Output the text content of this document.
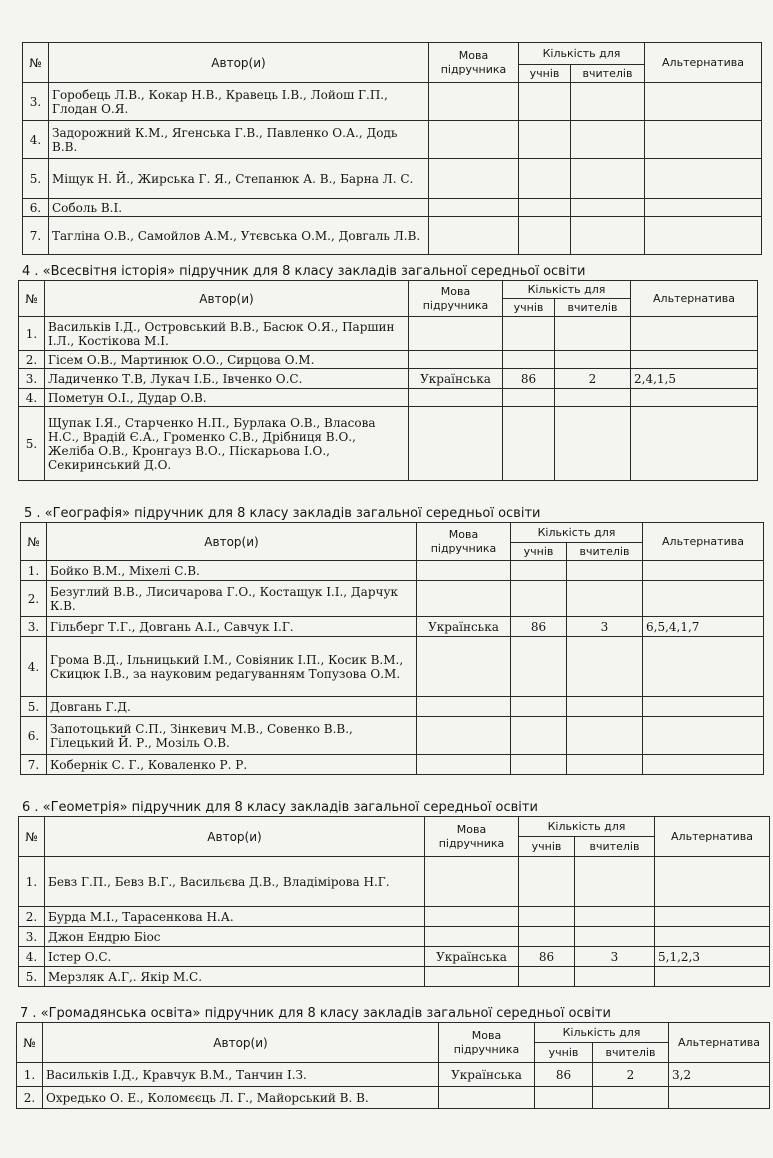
№	Автор(и)	Мова підручника	Кількість для		Альтернатива
			учнів	вчителів	
3.	Горобець Л.В., Кокар Н.В., Кравець І.В., Лойош Г.П., Глодан О.Я.				
4.	Задорожний К.М., Ягенська Г.В., Павленко О.А., Додь В.В.				
5.	Міщук Н. Й., Жирська Г. Я., Степанюк А. В., Барна Л. С.				
6.	Соболь В.І.				
7.	Тагліна О.В., Самойлов А.М., Утєвська О.М., Довгаль Л.В.				
4 . «Всесвітня історія» підручник для 8 класу закладів загальної середньої освіти
№	Автор(и)	Мова підручника	Кількість для		Альтернатива
			учнів	вчителів	
1.	Васильків І.Д., Островський В.В., Басюк О.Я., Паршин І.Л., Костікова М.І.				
2.	Гісем О.В., Мартинюк О.О., Сирцова О.М.				
3.	Ладиченко Т.В, Лукач І.Б., Івченко О.С.	Українська	86	2	2,4,1,5
4.	Пометун О.І., Дудар О.В.				
5.	Щупак І.Я., Старченко Н.П., Бурлака О.В., Власова Н.С., Врадій Є.А., Громенко С.В., Дрібниця В.О., Желіба О.В., Кронгауз В.О., Піскарьова І.О., Секиринський Д.О.				
5 . «Географія» підручник для 8 класу закладів загальної середньої освіти
№	Автор(и)	Мова підручника	Кількість для		Альтернатива
			учнів	вчителів	
1.	Бойко В.М., Міхелі С.В.				
2.	Безуглий В.В., Лисичарова Г.О., Костащук І.І., Дарчук К.В.				
3.	Гільберг Т.Г., Довгань А.І., Савчук І.Г.	Українська	86	3	6,5,4,1,7
4.	Грома В.Д., Ільницький І.М., Совіяник І.П., Косик В.М., Скицюк І.В., за науковим редагуванням Топузова О.М.				
5.	Довгань Г.Д.				
6.	Запотоцький С.П., Зінкевич М.В., Совенко В.В., Гілецький Й. Р., Мозіль О.В.				
7.	Кобернік С. Г., Коваленко Р. Р.				
6 . «Геометрія» підручник для 8 класу закладів загальної середньої освіти
№	Автор(и)	Мова підручника	Кількість для		Альтернатива
			учнів	вчителів	
1.	Бевз Г.П., Бевз В.Г., Васильєва Д.В., Владімірова Н.Г.				
2.	Бурда М.І., Тарасенкова Н.А.				
3.	Джон Ендрю Біос				
4.	Істер О.С.	Українська	86	3	5,1,2,3
5.	Мерзляк А.Г,. Якір М.С.				
7 . «Громадянська освіта» підручник для 8 класу закладів загальної середньої освіти
№	Автор(и)	Мова підручника	Кількість для		Альтернатива
			учнів	вчителів	
1.	Васильків І.Д., Кравчук В.М., Танчин І.З.	Українська	86	2	3,2
2.	Охредько О. Е., Коломєєць Л. Г., Майорський В. В.				
